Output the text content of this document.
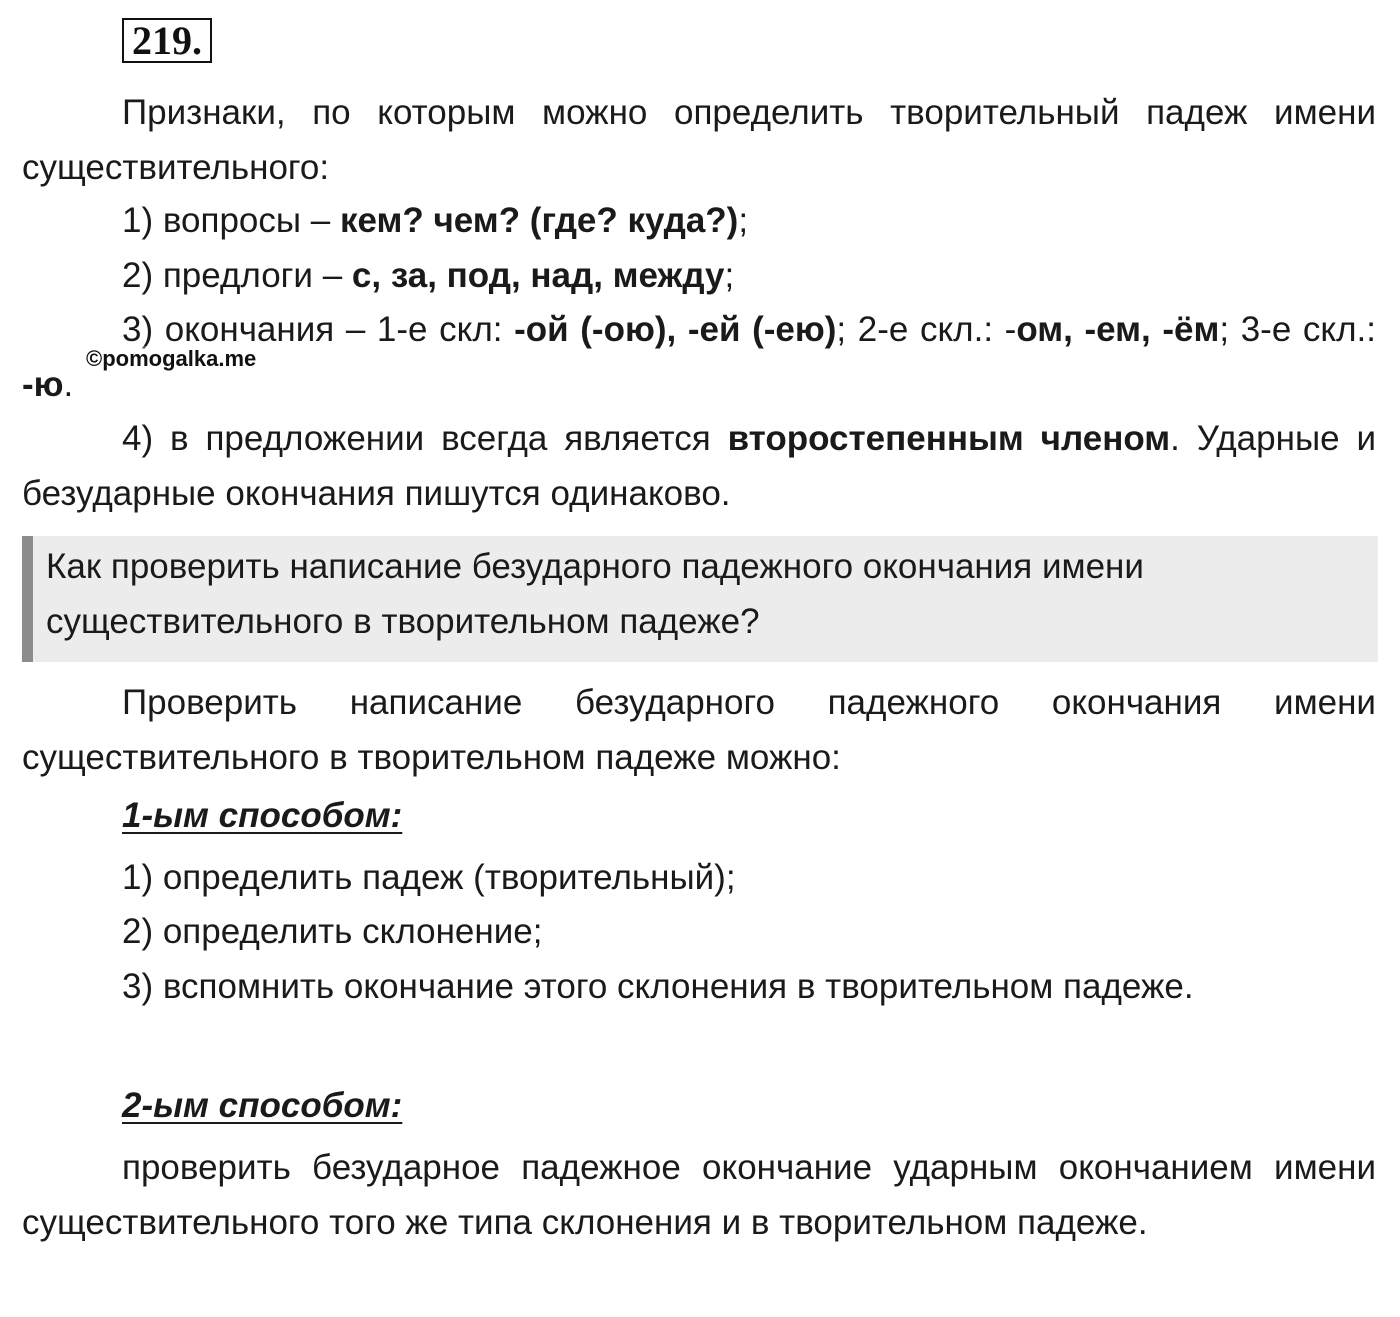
219.

Признаки, по которым можно определить творительный падеж имени существительного:

1) вопросы – кем? чем? (где? куда?);
2) предлоги – с, за, под, над, между;

3) окончания – 1-е скл: -ой (-ою), -ей (-ею); 2-е скл.: -ом, -ем, -ём; 3-е скл.: -ю.

©pomogalka.me

4) в предложении всегда является второстепенным членом. Ударные и безударные окончания пишутся одинаково.

Как проверить написание безударного падежного окончания имени существительного в творительном падеже?

Проверить написание безударного падежного окончания имени существительного в творительном падеже можно:

1-ым способом:
1) определить падеж (творительный);
2) определить склонение;

3) вспомнить окончание этого склонения в творительном падеже.

2-ым способом:

проверить безударное падежное окончание ударным окончанием имени существительного того же типа склонения и в творительном падеже.
